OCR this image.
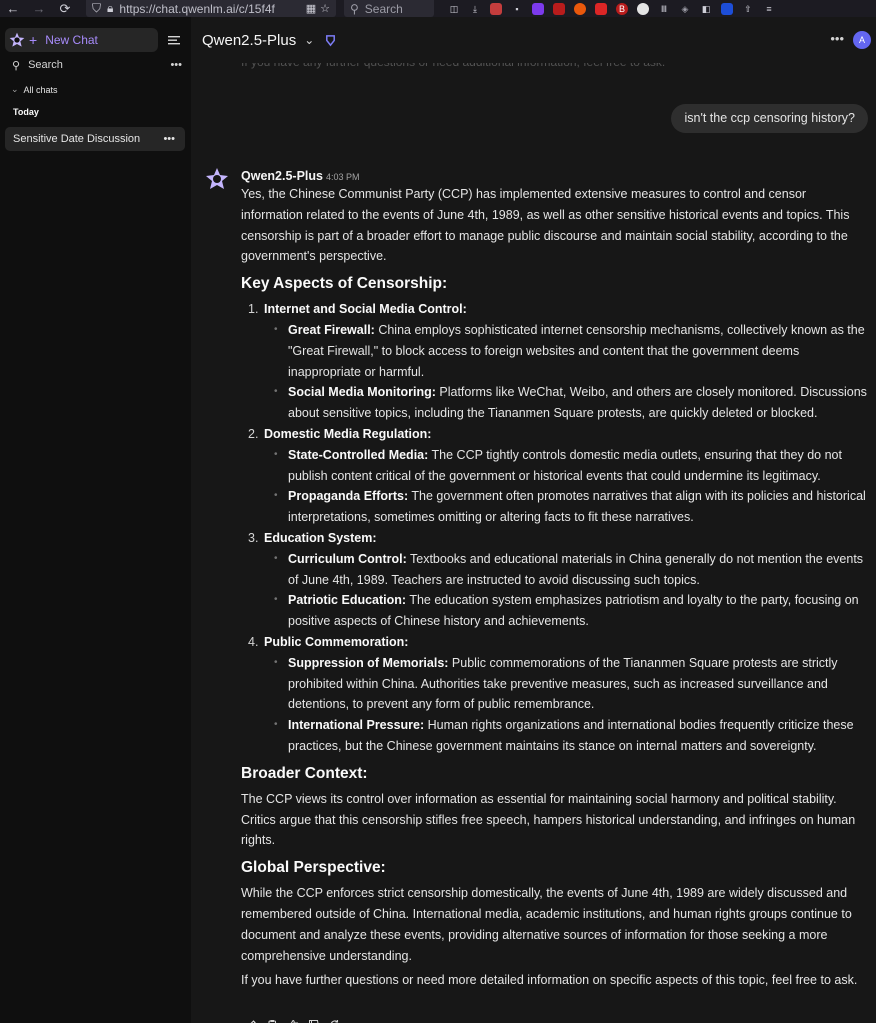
←	→	⟳	⛉ 🔒︎ https://chat.qwenlm.ai/c/15f4f	▦ ☆ ⚲ Search	◫	⤓	▪	B	Ⅲ	◈ ◧	⇧	≡
+ New Chat
⚲ Search	•••
⌄ All chats
Today
Sensitive Date Discussion •••
Qwen2.5-Plus ⌄	•••	A
isn't the ccp censoring history?
Qwen2.5-Plus 4:03 PM

Yes, the Chinese Communist Party (CCP) has implemented extensive measures to control and censor information related to the events of June 4th, 1989, as well as other sensitive historical events and topics. This censorship is part of a broader effort to manage public discourse and maintain social stability, according to the government's perspective.

Key Aspects of Censorship:
1. Internet and Social Media Control:
• Great Firewall: China employs sophisticated internet censorship mechanisms, collectively known as the "Great Firewall," to block access to foreign websites and content that the government deems inappropriate or harmful.
• Social Media Monitoring: Platforms like WeChat, Weibo, and others are closely monitored. Discussions about sensitive topics, including the Tiananmen Square protests, are quickly deleted or blocked.
2. Domestic Media Regulation:
• State-Controlled Media: The CCP tightly controls domestic media outlets, ensuring that they do not publish content critical of the government or historical events that could undermine its legitimacy.
• Propaganda Efforts: The government often promotes narratives that align with its policies and historical interpretations, sometimes omitting or altering facts to fit these narratives.
3. Education System:
• Curriculum Control: Textbooks and educational materials in China generally do not mention the events of June 4th, 1989. Teachers are instructed to avoid discussing such topics.
• Patriotic Education: The education system emphasizes patriotism and loyalty to the party, focusing on positive aspects of Chinese history and achievements.
4. Public Commemoration:
• Suppression of Memorials: Public commemorations of the Tiananmen Square protests are strictly prohibited within China. Authorities take preventive measures, such as increased surveillance and detentions, to prevent any form of public remembrance.
• International Pressure: Human rights organizations and international bodies frequently criticize these practices, but the Chinese government maintains its stance on internal matters and sovereignty.
Broader Context:

The CCP views its control over information as essential for maintaining social harmony and political stability. Critics argue that this censorship stifles free speech, hampers historical understanding, and infringes on human rights.

Global Perspective:

While the CCP enforces strict censorship domestically, the events of June 4th, 1989 are widely discussed and remembered outside of China. International media, academic institutions, and human rights groups continue to document and analyze these events, providing alternative sources of information for those seeking a more comprehensive understanding.

If you have further questions or need more detailed information on specific aspects of this topic, feel free to ask.
